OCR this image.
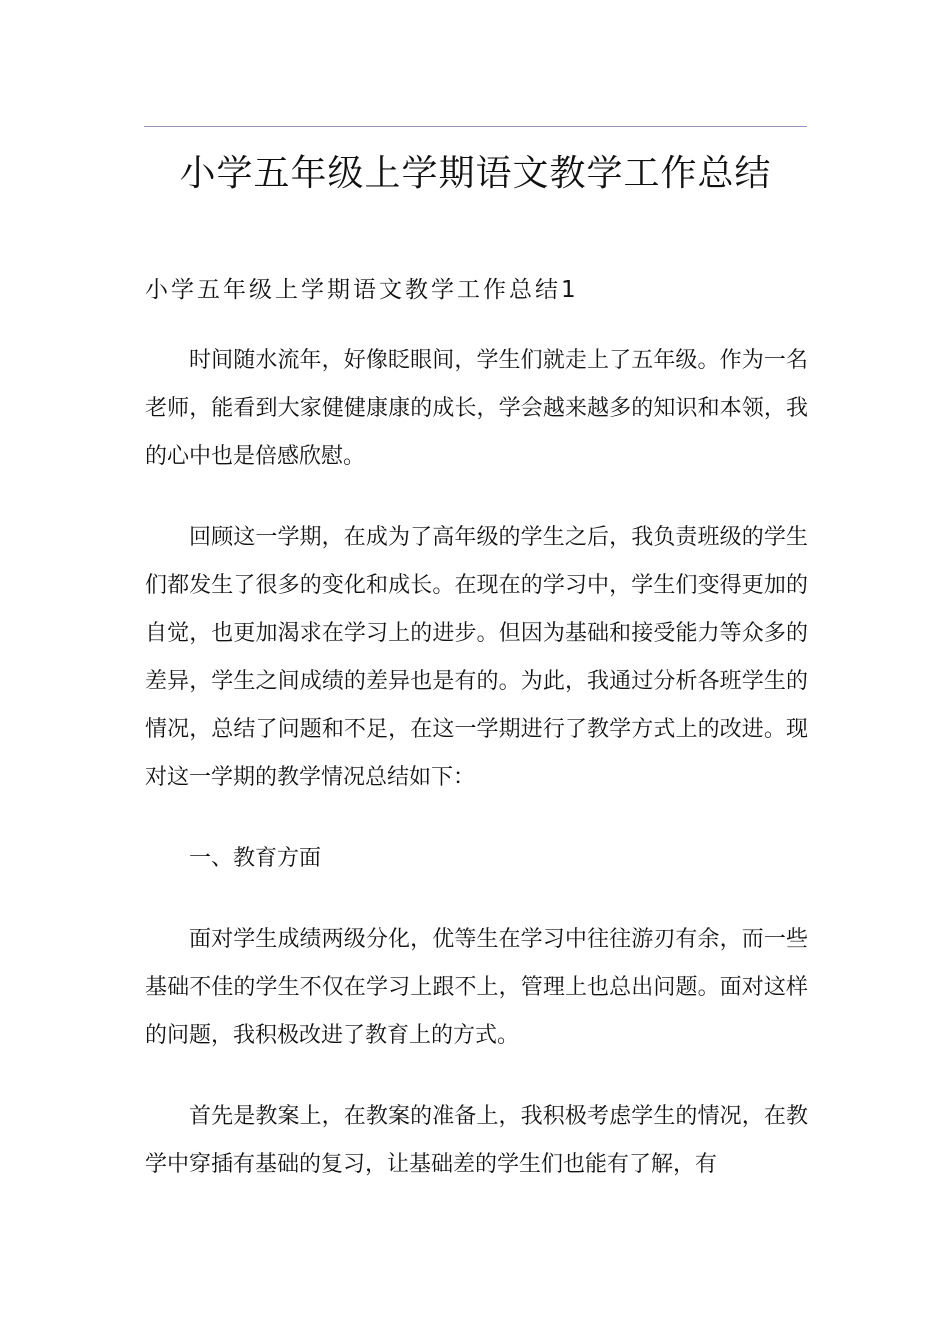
小学五年级上学期语文教学工作总结
小学五年级上学期语文教学工作总结1

时间随水流年，好像眨眼间，学生们就走上了五年级。作为一名老师，能看到大家健健康康的成长，学会越来越多的知识和本领，我的心中也是倍感欣慰。

回顾这一学期，在成为了高年级的学生之后，我负责班级的学生们都发生了很多的变化和成长。在现在的学习中，学生们变得更加的自觉，也更加渴求在学习上的进步。但因为基础和接受能力等众多的差异，学生之间成绩的差异也是有的。为此，我通过分析各班学生的情况，总结了问题和不足，在这一学期进行了教学方式上的改进。现对这一学期的教学情况总结如下：

一、教育方面

面对学生成绩两级分化，优等生在学习中往往游刃有余，而一些基础不佳的学生不仅在学习上跟不上，管理上也总出问题。面对这样的问题，我积极改进了教育上的方式。

首先是教案上，在教案的准备上，我积极考虑学生的情况，在教学中穿插有基础的复习，让基础差的学生们也能有了解，有
